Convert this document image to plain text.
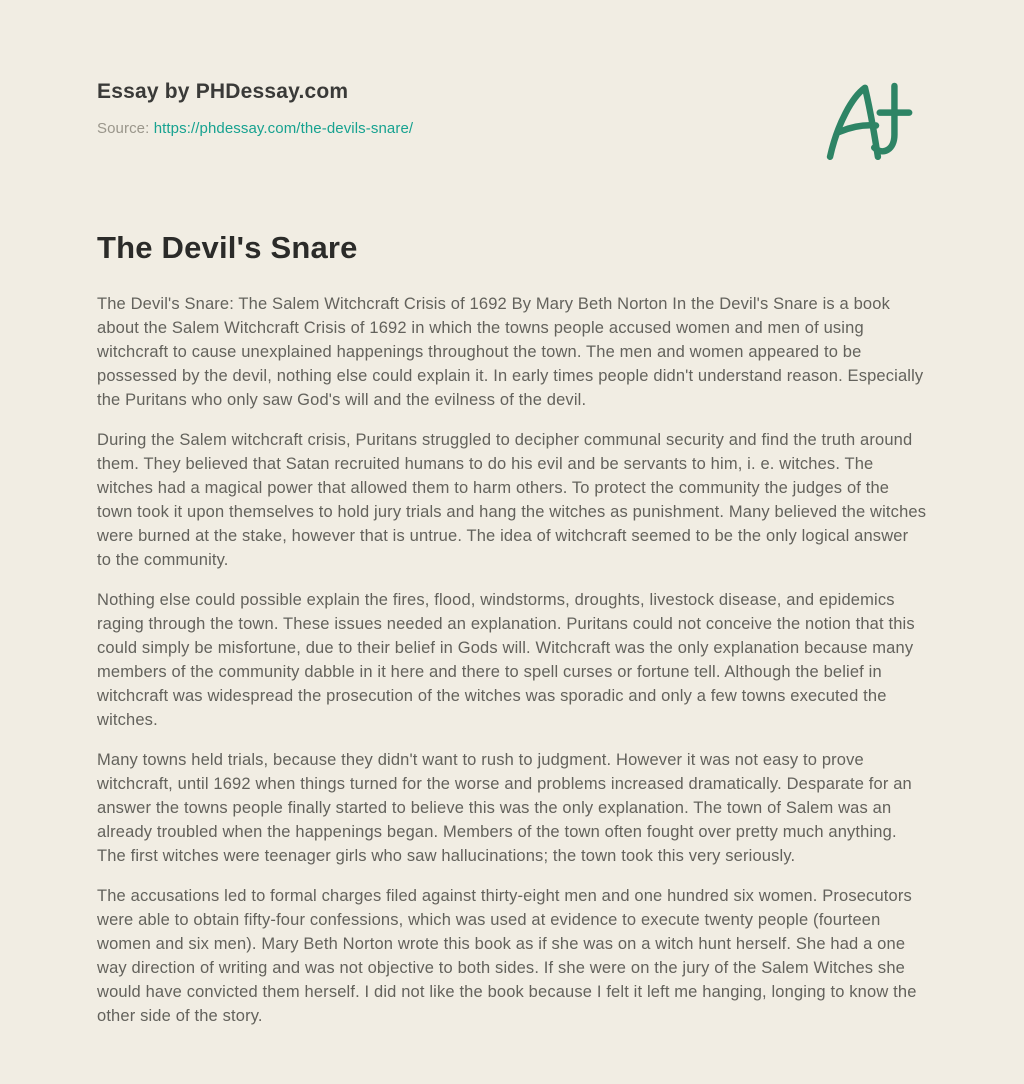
Essay by PHDessay.com
Source: https://phdessay.com/the-devils-snare/
The Devil's Snare

The Devil's Snare: The Salem Witchcraft Crisis of 1692 By Mary Beth Norton In the Devil's Snare is a book about the Salem Witchcraft Crisis of 1692 in which the towns people accused women and men of using witchcraft to cause unexplained happenings throughout the town. The men and women appeared to be possessed by the devil, nothing else could explain it. In early times people didn't understand reason. Especially the Puritans who only saw God's will and the evilness of the devil.

During the Salem witchcraft crisis, Puritans struggled to decipher communal security and find the truth around them. They believed that Satan recruited humans to do his evil and be servants to him, i. e. witches. The witches had a magical power that allowed them to harm others. To protect the community the judges of the town took it upon themselves to hold jury trials and hang the witches as punishment. Many believed the witches were burned at the stake, however that is untrue. The idea of witchcraft seemed to be the only logical answer to the community.

Nothing else could possible explain the fires, flood, windstorms, droughts, livestock disease, and epidemics raging through the town. These issues needed an explanation. Puritans could not conceive the notion that this could simply be misfortune, due to their belief in Gods will. Witchcraft was the only explanation because many members of the community dabble in it here and there to spell curses or fortune tell. Although the belief in witchcraft was widespread the prosecution of the witches was sporadic and only a few towns executed the witches.

Many towns held trials, because they didn't want to rush to judgment. However it was not easy to prove witchcraft, until 1692 when things turned for the worse and problems increased dramatically. Desparate for an answer the towns people finally started to believe this was the only explanation. The town of Salem was an already troubled when the happenings began. Members of the town often fought over pretty much anything. The first witches were teenager girls who saw hallucinations; the town took this very seriously.

The accusations led to formal charges filed against thirty-eight men and one hundred six women. Prosecutors were able to obtain fifty-four confessions, which was used at evidence to execute twenty people (fourteen women and six men). Mary Beth Norton wrote this book as if she was on a witch hunt herself. She had a one way direction of writing and was not objective to both sides. If she were on the jury of the Salem Witches she would have convicted them herself. I did not like the book because I felt it left me hanging, longing to know the other side of the story.
